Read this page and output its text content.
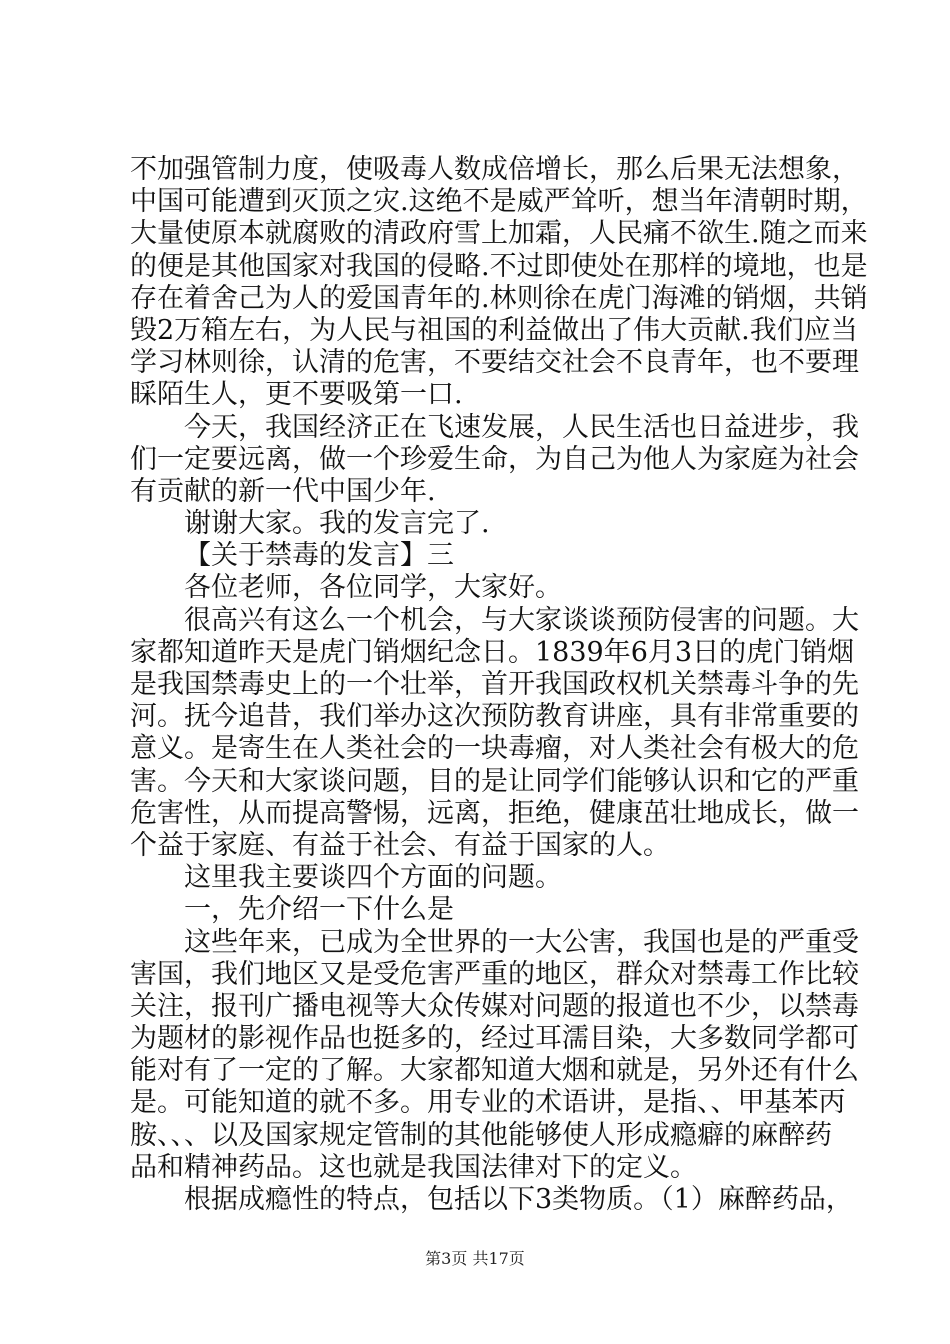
不加强管制力度，使吸毒人数成倍增长，那么后果无法想象，
中国可能遭到灭顶之灾.这绝不是威严耸听，想当年清朝时期，
大量使原本就腐败的清政府雪上加霜，人民痛不欲生.随之而来
的便是其他国家对我国的侵略.不过即使处在那样的境地，也是
存在着舍己为人的爱国青年的.林则徐在虎门海滩的销烟，共销
毁2万箱左右，为人民与祖国的利益做出了伟大贡献.我们应当
学习林则徐，认清的危害，不要结交社会不良青年，也不要理
睬陌生人，更不要吸第一口.
今天，我国经济正在飞速发展，人民生活也日益进步，我
们一定要远离，做一个珍爱生命，为自己为他人为家庭为社会
有贡献的新一代中国少年.
谢谢大家。我的发言完了.
【关于禁毒的发言】三
各位老师，各位同学，大家好。
很高兴有这么一个机会，与大家谈谈预防侵害的问题。大
家都知道昨天是虎门销烟纪念日。1839年6月3日的虎门销烟
是我国禁毒史上的一个壮举，首开我国政权机关禁毒斗争的先
河。抚今追昔，我们举办这次预防教育讲座，具有非常重要的
意义。是寄生在人类社会的一块毒瘤，对人类社会有极大的危
害。今天和大家谈问题，目的是让同学们能够认识和它的严重
危害性，从而提高警惕，远离，拒绝，健康茁壮地成长，做一
个益于家庭、有益于社会、有益于国家的人。
这里我主要谈四个方面的问题。
一，先介绍一下什么是
这些年来，已成为全世界的一大公害，我国也是的严重受
害国，我们地区又是受危害严重的地区，群众对禁毒工作比较
关注，报刊广播电视等大众传媒对问题的报道也不少，以禁毒
为题材的影视作品也挺多的，经过耳濡目染，大多数同学都可
能对有了一定的了解。大家都知道大烟和就是，另外还有什么
是。可能知道的就不多。用专业的术语讲，是指、、甲基苯丙
胺、、、以及国家规定管制的其他能够使人形成瘾癖的麻醉药
品和精神药品。这也就是我国法律对下的定义。
根据成瘾性的特点，包括以下3类物质。（1）麻醉药品，
第3页 共17页
